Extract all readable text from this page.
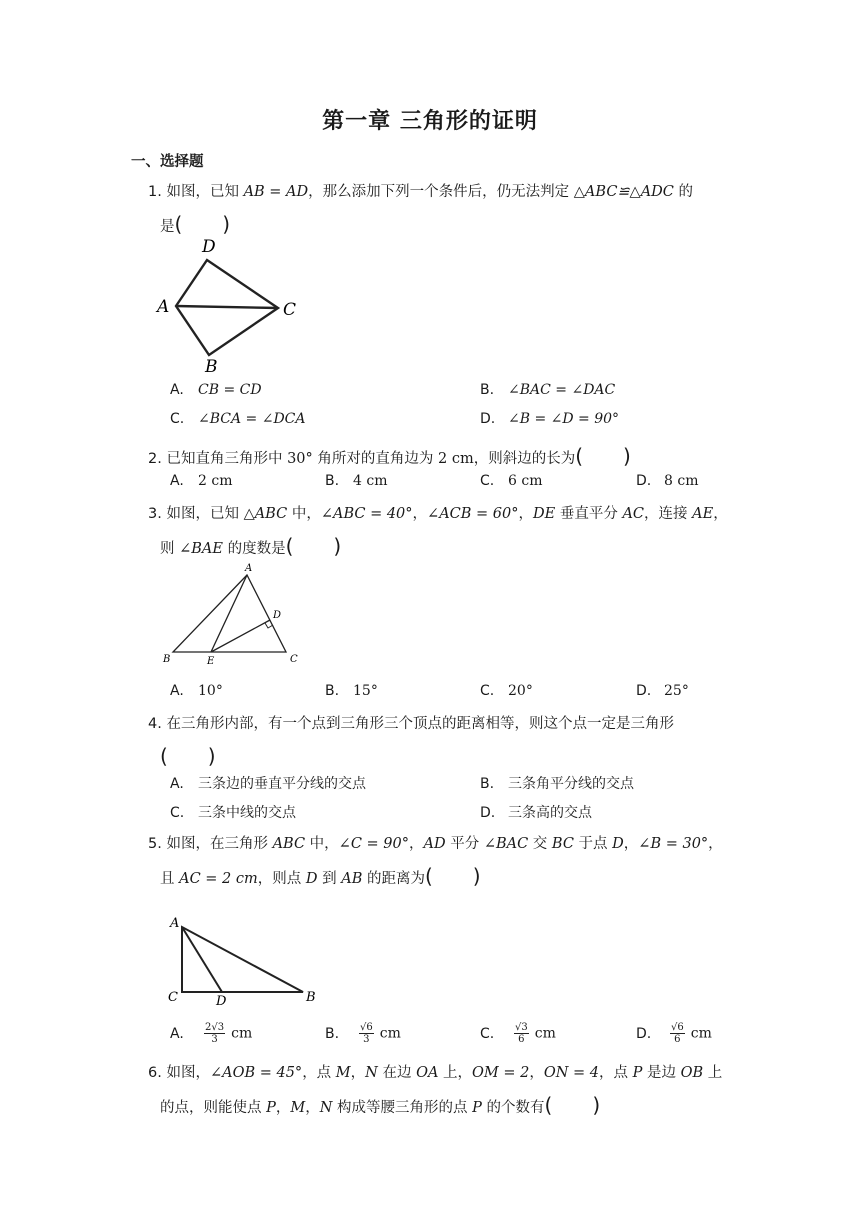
第一章 三角形的证明
一、选择题
1. 如图，已知 AB = AD，那么添加下列一个条件后，仍无法判定 △ABC≌△ADC 的
是(　　)
D
A	C
B
A. CB = CD	B. ∠BAC = ∠DAC
C. ∠BCA = ∠DCA	D. ∠B = ∠D = 90°
2. 已知直角三角形中 30° 角所对的直角边为 2 cm，则斜边的长为(　　)
A. 2 cm	B. 4 cm	C. 6 cm	D. 8 cm
3. 如图，已知 △ABC 中，∠ABC = 40°，∠ACB = 60°，DE 垂直平分 AC，连接 AE，
则 ∠BAE 的度数是(　　)
A
D
B	E	C
A. 10°	B. 15°	C. 20°	D. 25°
4. 在三角形内部，有一个点到三角形三个顶点的距离相等，则这个点一定是三角形
(　　)
A. 三条边的垂直平分线的交点	B. 三条角平分线的交点
C. 三条中线的交点	D. 三条高的交点
5. 如图，在三角形 ABC 中，∠C = 90°，AD 平分 ∠BAC 交 BC 于点 D，∠B = 30°，
且 AC = 2 cm，则点 D 到 AB 的距离为(　　)
A
C	D	B
A. $\frac{2√3}{3}$ cm	B. $\frac{√6}{3}$ cm	C. $\frac{√3}{6}$ cm	D. $\frac{√6}{6}$ cm
6. 如图，∠AOB = 45°，点 M，N 在边 OA 上，OM = 2，ON = 4，点 P 是边 OB 上
的点，则能使点 P，M，N 构成等腰三角形的点 P 的个数有(　　)
